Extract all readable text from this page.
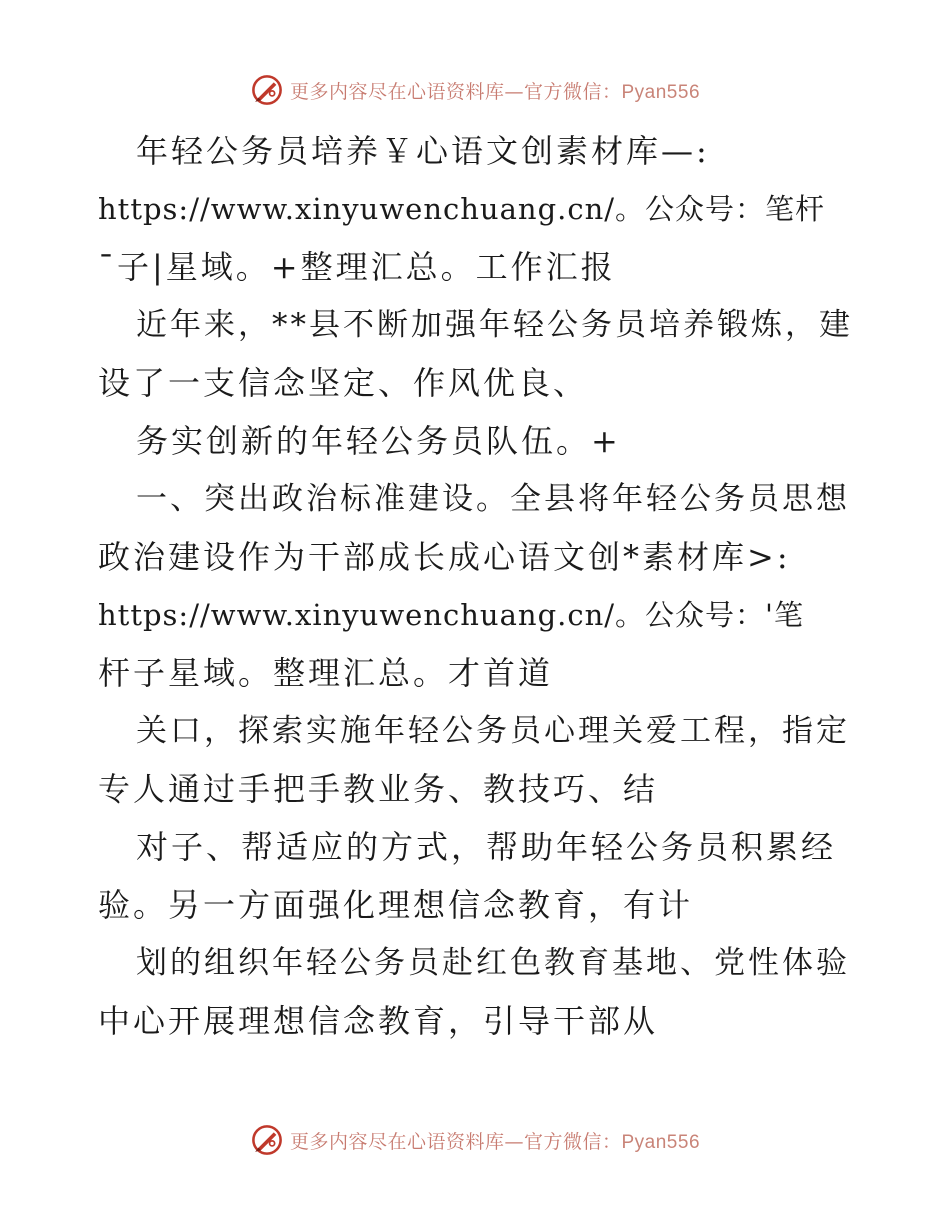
更多内容尽在心语资料库—官方微信：Pyan556
年轻公务员培养￥心语文创素材库—:
https://www.xinyuwenchuang.cn/。公众号：笔杆
¯子|星域。+整理汇总。工作汇报
近年来，**县不断加强年轻公务员培养锻炼，建
设了一支信念坚定、作风优良、
务实创新的年轻公务员队伍。+
一、突出政治标准建设。全县将年轻公务员思想
政治建设作为干部成长成心语文创*素材库>:
https://www.xinyuwenchuang.cn/。公众号：'笔
杆子星域。整理汇总。才首道
关口，探索实施年轻公务员心理关爱工程，指定
专人通过手把手教业务、教技巧、结
对子、帮适应的方式，帮助年轻公务员积累经
验。另一方面强化理想信念教育，有计
划的组织年轻公务员赴红色教育基地、党性体验
中心开展理想信念教育，引导干部从
更多内容尽在心语资料库—官方微信：Pyan556
